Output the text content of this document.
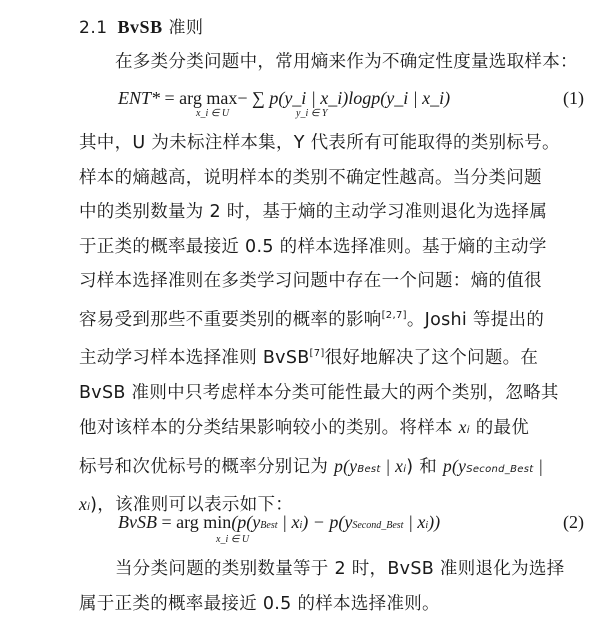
2.1 BvSB 准则
在多类分类问题中，常用熵来作为不确定性度量选取样本：
ENT* = arg max− ∑ p(y_i | x_i)logp(y_i | x_i)
x_i ∈ U	y_i ∈ Y
(1)
其中，U 为未标注样本集，Y 代表所有可能取得的类别标号。
样本的熵越高，说明样本的类别不确定性越高。当分类问题
中的类别数量为 2 时，基于熵的主动学习准则退化为选择属
于正类的概率最接近 0.5 的样本选择准则。基于熵的主动学
习样本选择准则在多类学习问题中存在一个问题：熵的值很
容易受到那些不重要类别的概率的影响[2,7]。Joshi 等提出的
主动学习样本选择准则 BvSB[7]很好地解决了这个问题。在
BvSB 准则中只考虑样本分类可能性最大的两个类别，忽略其
他对该样本的分类结果影响较小的类别。将样本 xi 的最优
标号和次优标号的概率分别记为 p(yBest | xi) 和 p(ySecond_Best |
xi)，该准则可以表示如下：
BvSB = arg min(p(yBest | xi) − p(ySecond_Best | xi))
x_i ∈ U
(2)
当分类问题的类别数量等于 2 时，BvSB 准则退化为选择
属于正类的概率最接近 0.5 的样本选择准则。
